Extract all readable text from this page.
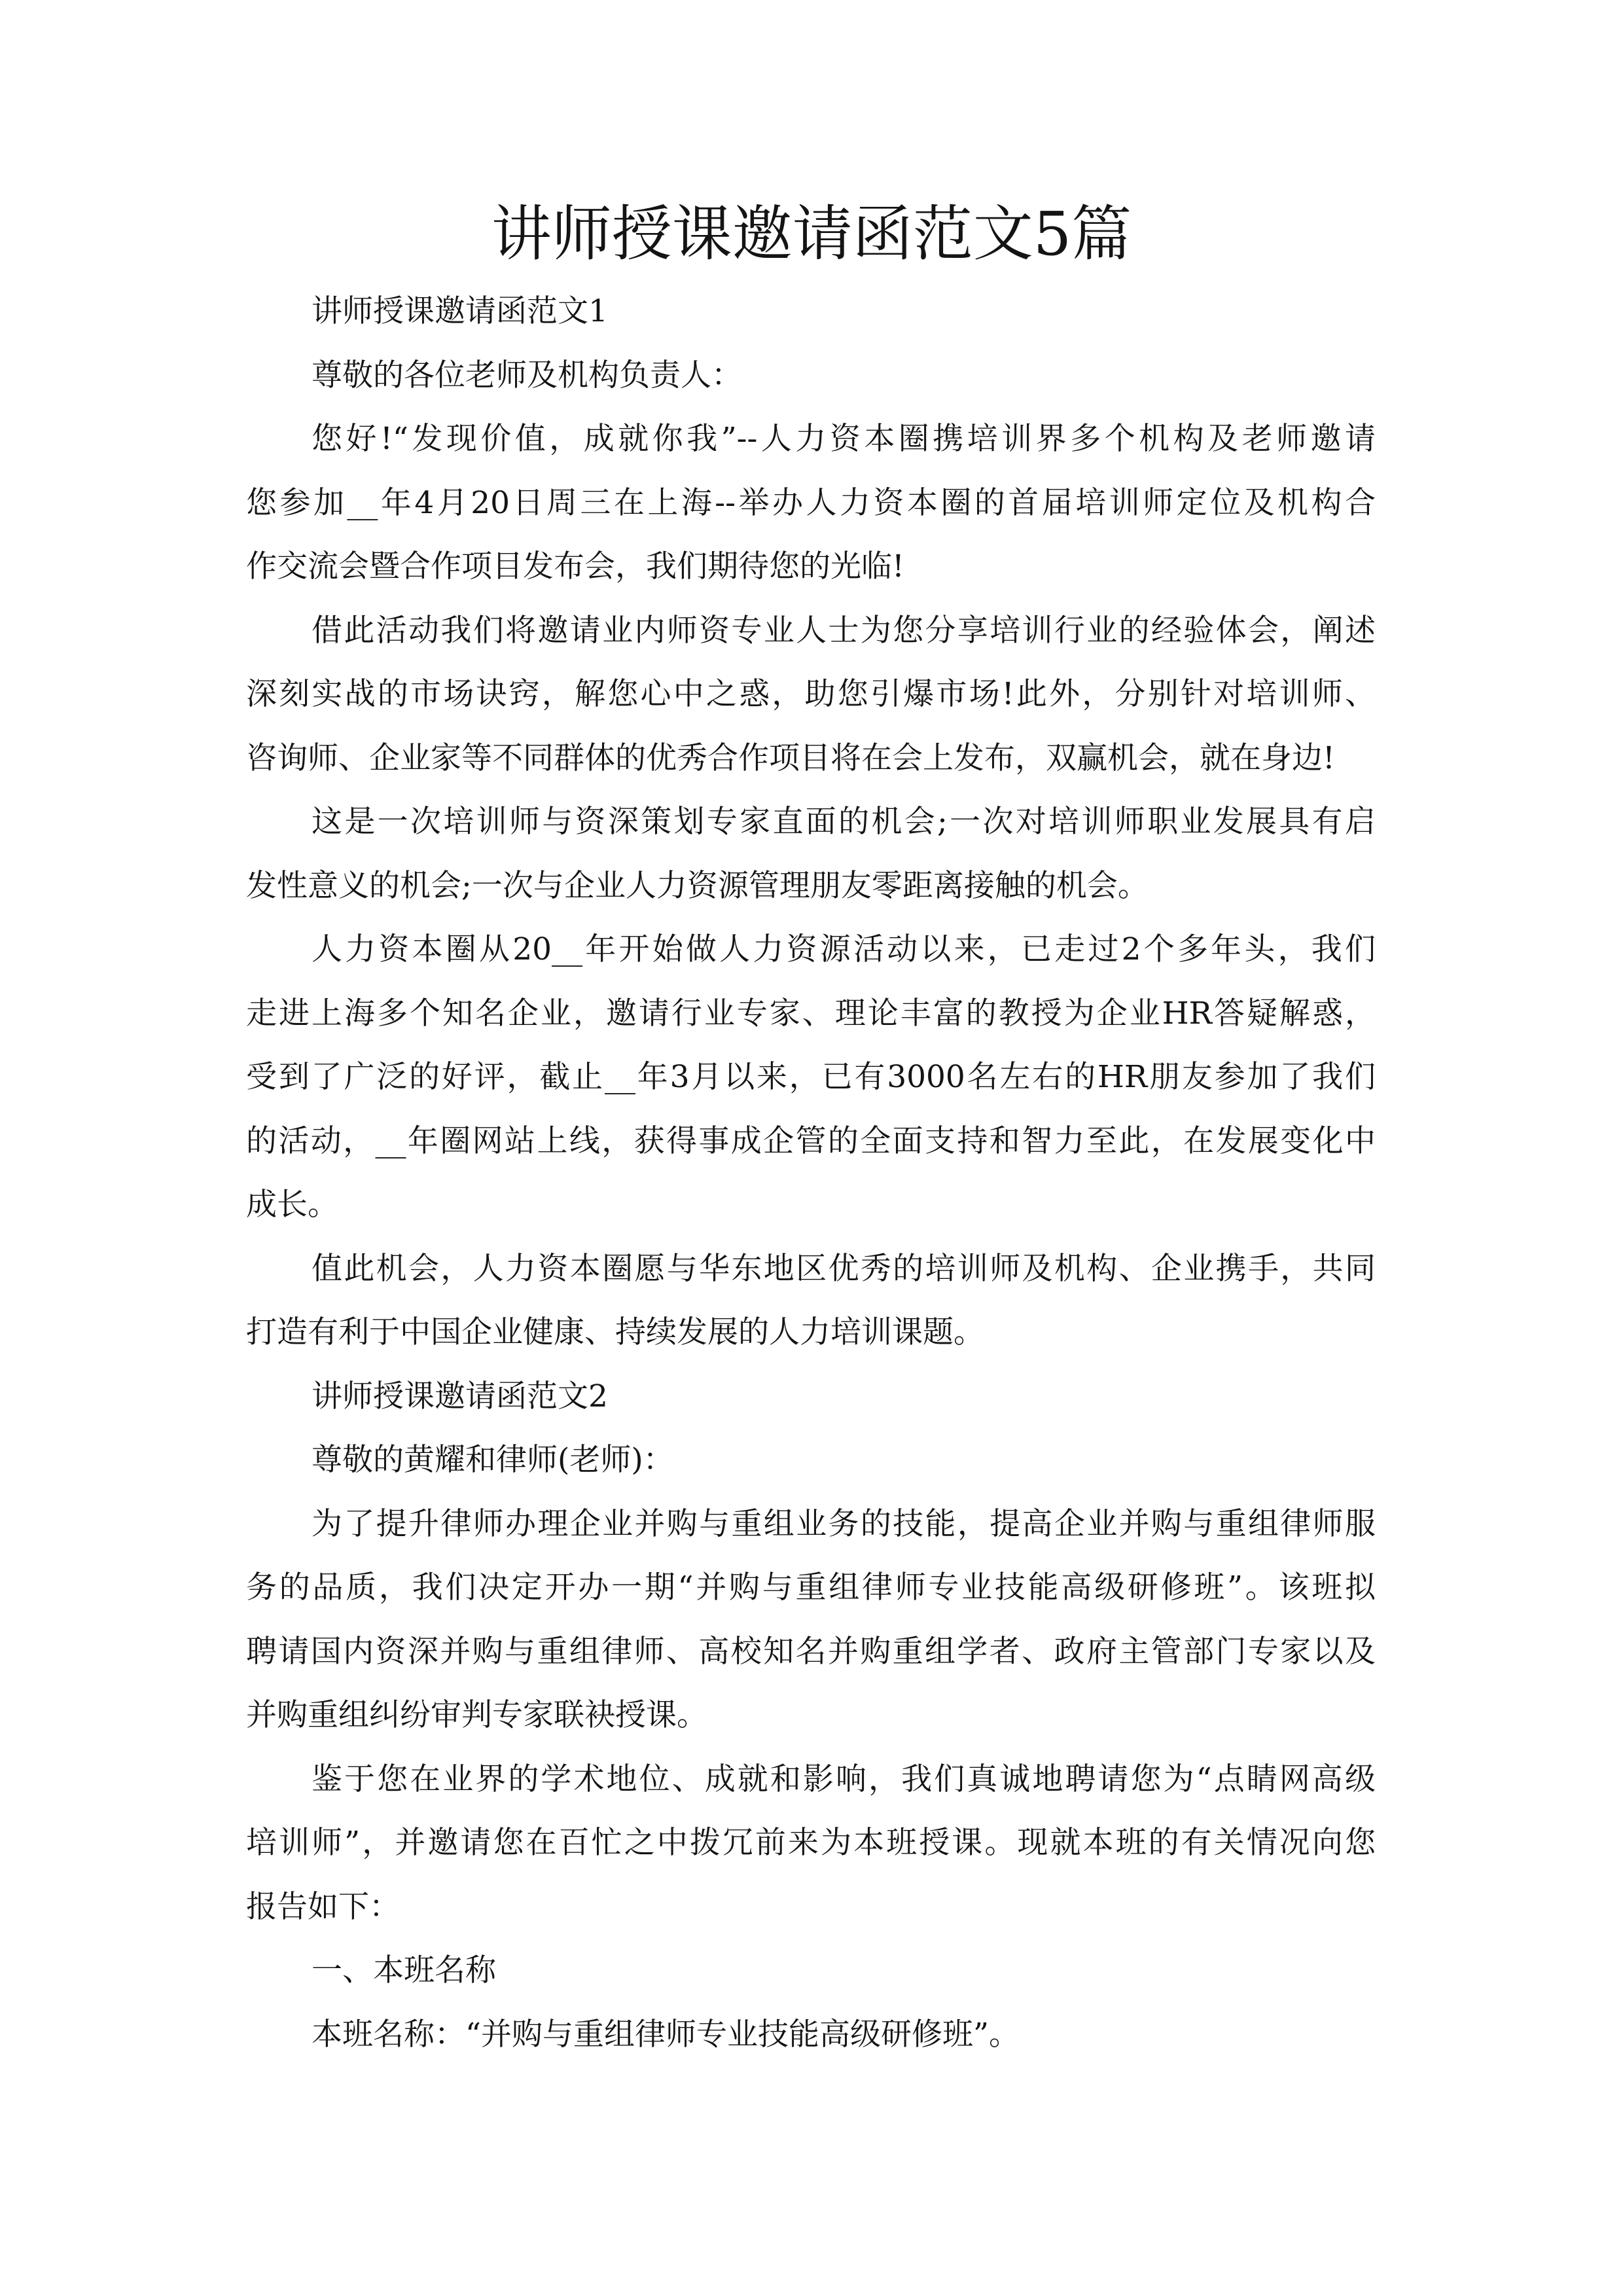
讲师授课邀请函范文5篇
讲师授课邀请函范文1
尊敬的各位老师及机构负责人：
您好!“发现价值，成就你我”--人力资本圈携培训界多个机构及老师邀请
您参加__年4月20日周三在上海--举办人力资本圈的首届培训师定位及机构合
作交流会暨合作项目发布会，我们期待您的光临!
借此活动我们将邀请业内师资专业人士为您分享培训行业的经验体会，阐述
深刻实战的市场诀窍，解您心中之惑，助您引爆市场!此外，分别针对培训师、
咨询师、企业家等不同群体的优秀合作项目将在会上发布，双赢机会，就在身边!
这是一次培训师与资深策划专家直面的机会;一次对培训师职业发展具有启
发性意义的机会;一次与企业人力资源管理朋友零距离接触的机会。
人力资本圈从20__年开始做人力资源活动以来，已走过2个多年头，我们
走进上海多个知名企业，邀请行业专家、理论丰富的教授为企业HR答疑解惑，
受到了广泛的好评，截止__年3月以来，已有3000名左右的HR朋友参加了我们
的活动，__年圈网站上线，获得事成企管的全面支持和智力至此，在发展变化中
成长。
值此机会，人力资本圈愿与华东地区优秀的培训师及机构、企业携手，共同
打造有利于中国企业健康、持续发展的人力培训课题。
讲师授课邀请函范文2
尊敬的黄耀和律师(老师)：
为了提升律师办理企业并购与重组业务的技能，提高企业并购与重组律师服
务的品质，我们决定开办一期“并购与重组律师专业技能高级研修班”。该班拟
聘请国内资深并购与重组律师、高校知名并购重组学者、政府主管部门专家以及
并购重组纠纷审判专家联袂授课。
鉴于您在业界的学术地位、成就和影响，我们真诚地聘请您为“点睛网高级
培训师”，并邀请您在百忙之中拨冗前来为本班授课。现就本班的有关情况向您
报告如下：
一、本班名称
本班名称：“并购与重组律师专业技能高级研修班”。
